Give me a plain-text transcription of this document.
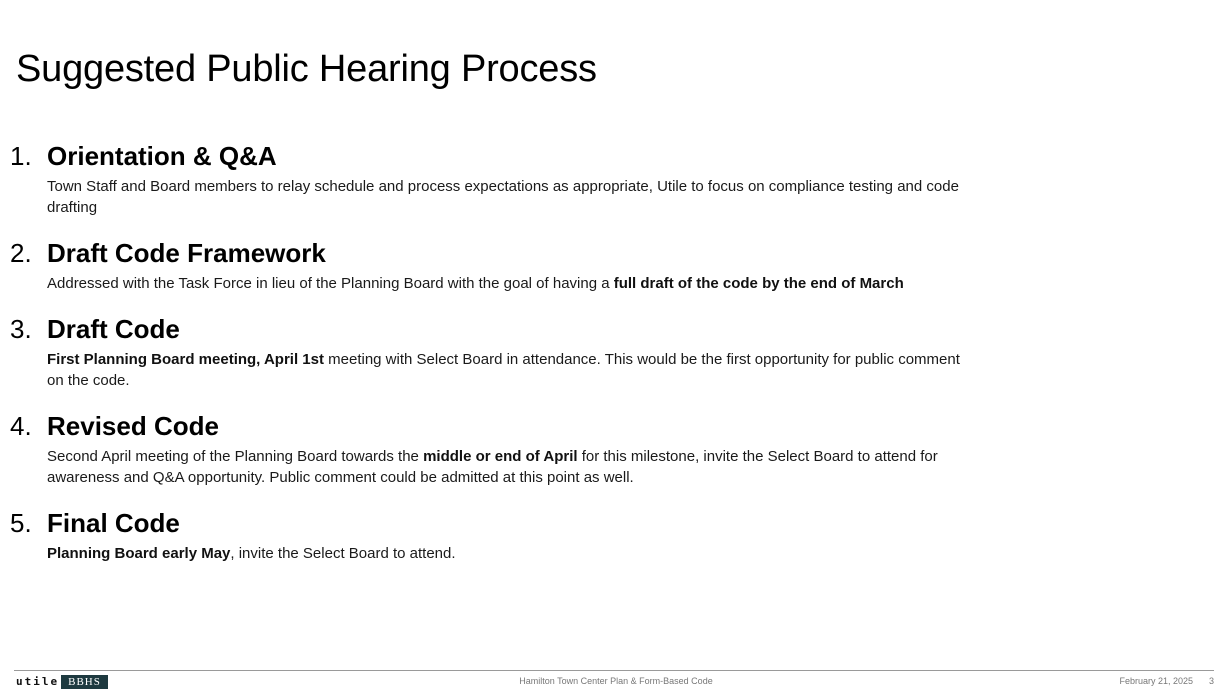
Suggested Public Hearing Process
1. Orientation & Q&A
Town Staff and Board members to relay schedule and process expectations as appropriate, Utile to focus on compliance testing and code drafting
2. Draft Code Framework
Addressed with the Task Force in lieu of the Planning Board with the goal of having a full draft of the code by the end of March
3. Draft Code
First Planning Board meeting, April 1st meeting with Select Board in attendance. This would be the first opportunity for public comment on the code.
4. Revised Code
Second April meeting of the Planning Board towards the middle or end of April for this milestone, invite the Select Board to attend for awareness and Q&A opportunity. Public comment could be admitted at this point as well.
5. Final Code
Planning Board early May, invite the Select Board to attend.
utile BBHS	Hamilton Town Center Plan & Form-Based Code	February 21, 2025 3
